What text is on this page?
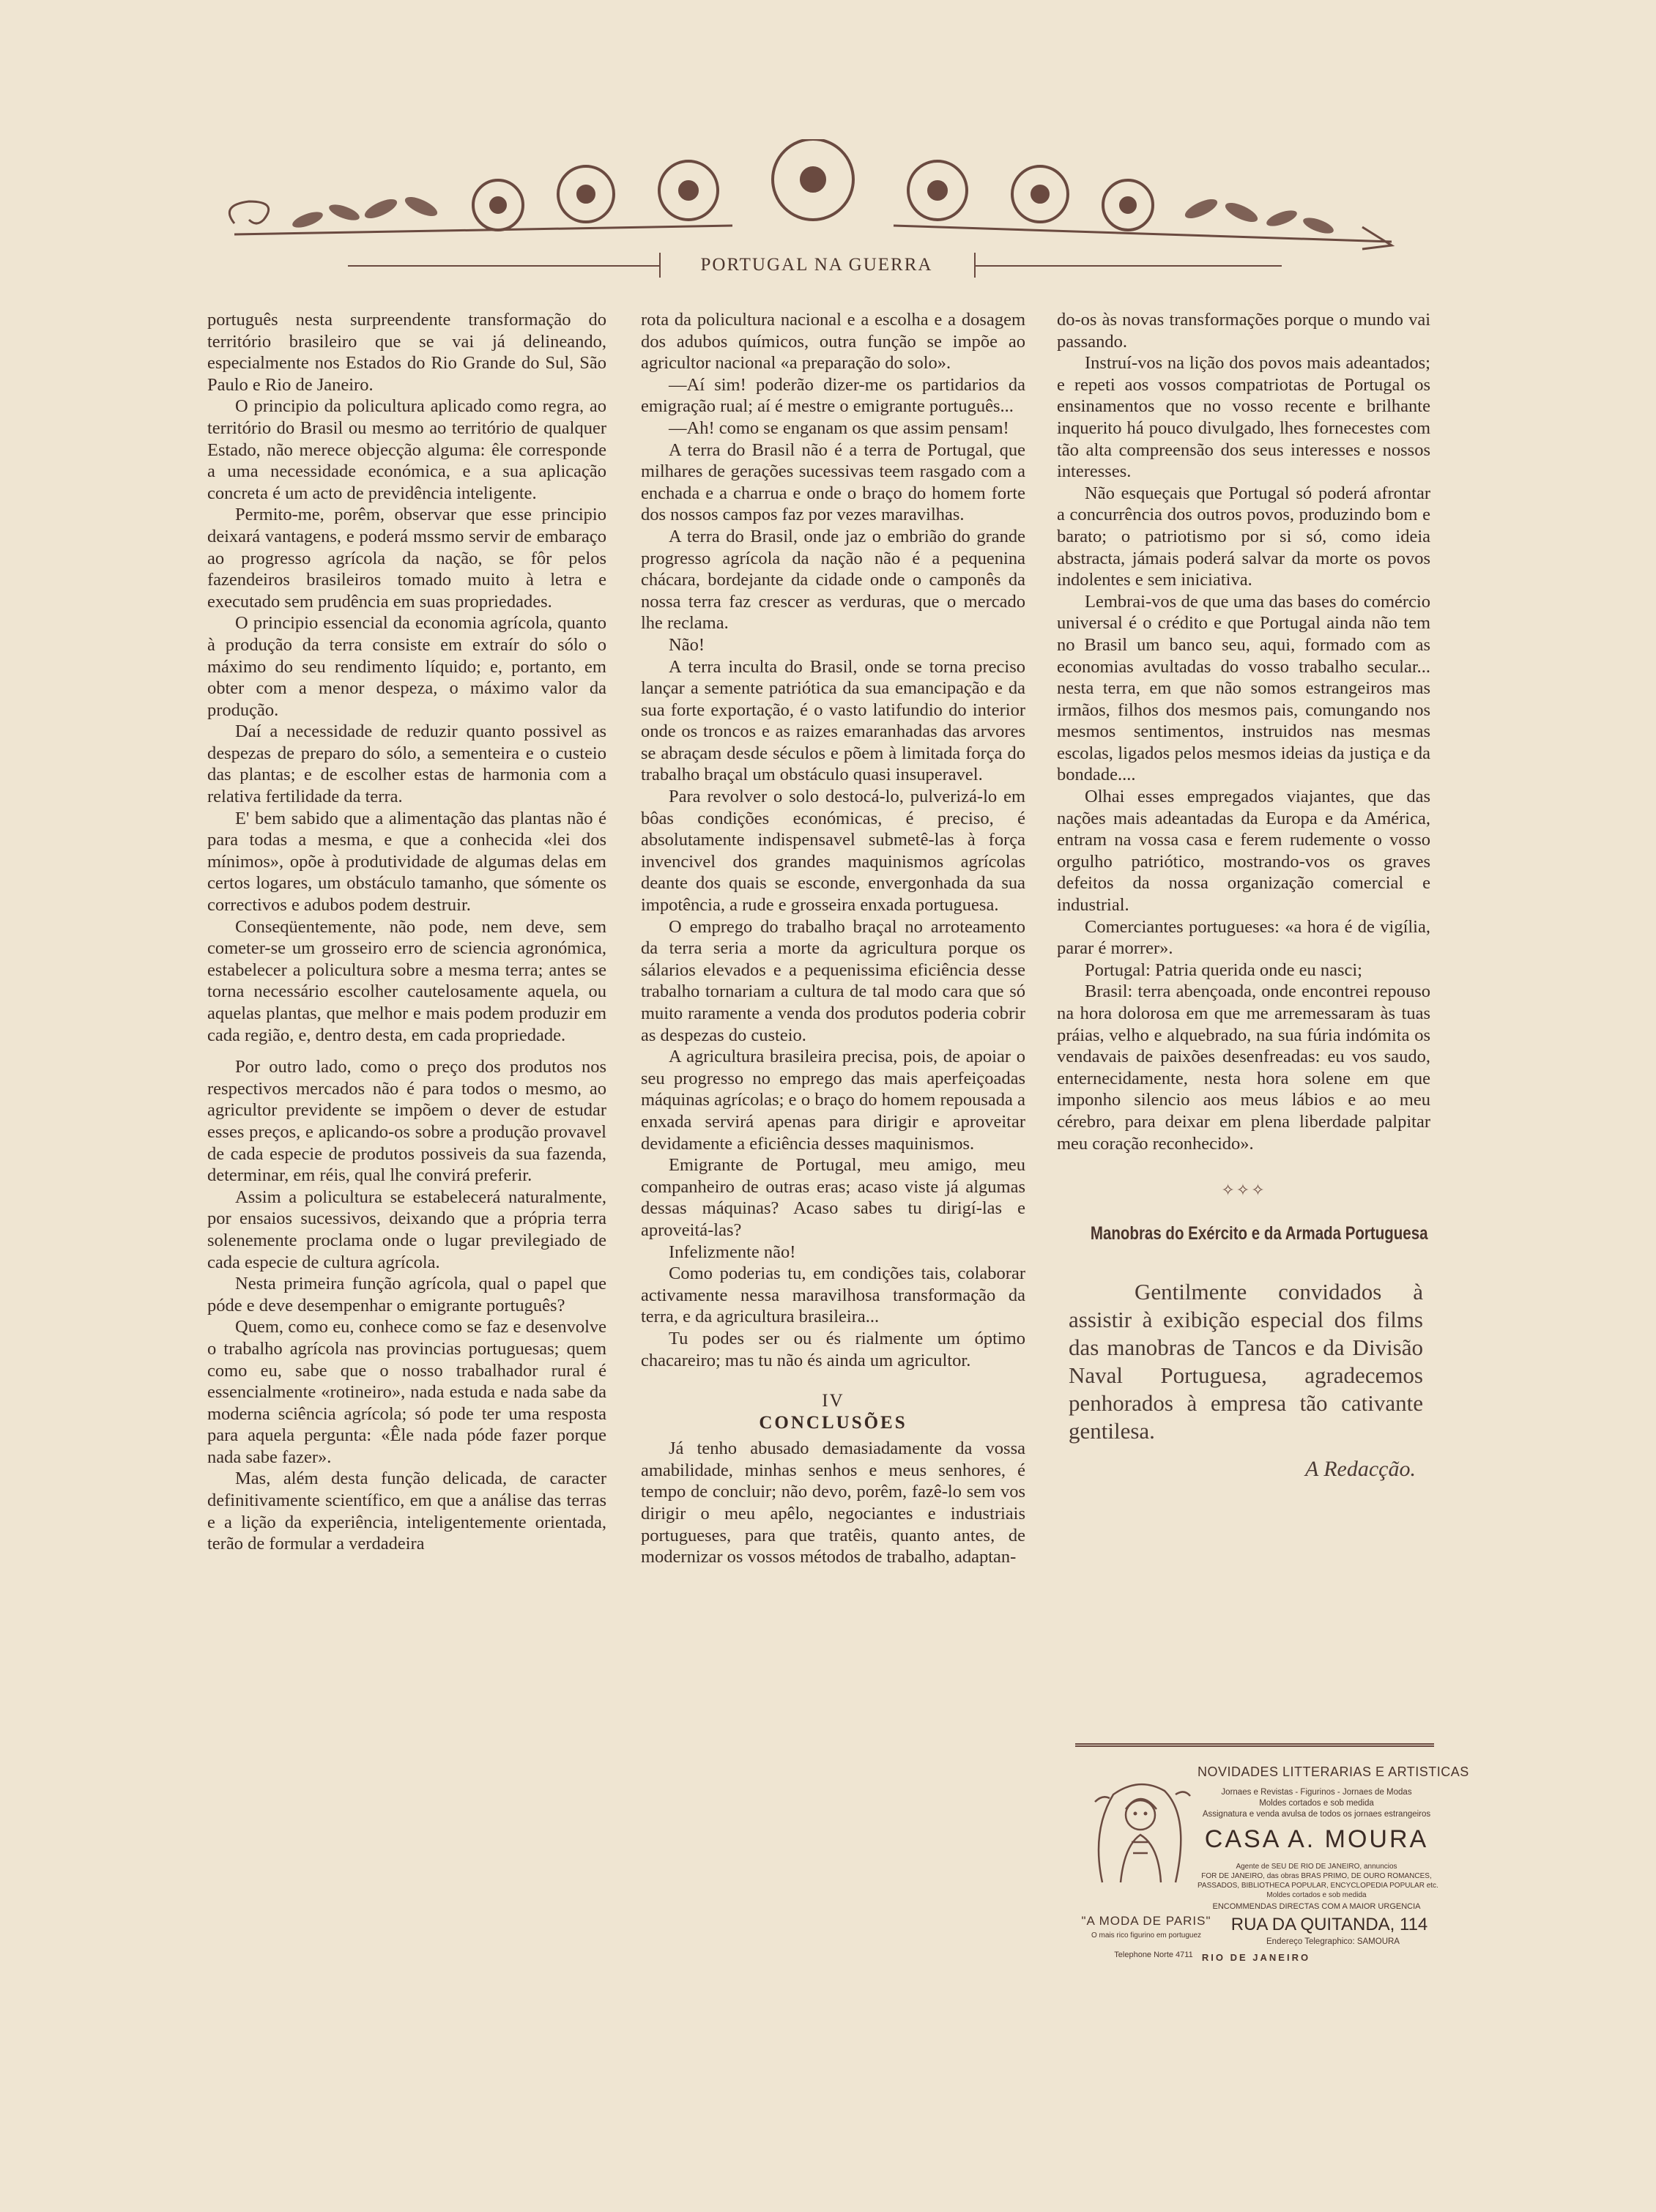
PORTUGAL NA GUERRA

português nesta surpreendente transformação do território brasileiro que se vai já delineando, especialmente nos Estados do Rio Grande do Sul, São Paulo e Rio de Janeiro.

O principio da policultura aplicado como regra, ao território do Brasil ou mesmo ao território de qualquer Estado, não merece objecção alguma: êle corresponde a uma necessidade económica, e a sua aplicação concreta é um acto de previdência inteligente.

Permito-me, porêm, observar que esse principio deixará vantagens, e poderá mssmo servir de embaraço ao progresso agrícola da nação, se fôr pelos fazendeiros brasileiros tomado muito à letra e executado sem prudência em suas propriedades.

O principio essencial da economia agrícola, quanto à produção da terra consiste em extraír do sólo o máximo do seu rendimento líquido; e, portanto, em obter com a menor despeza, o máximo valor da produção.

Daí a necessidade de reduzir quanto possivel as despezas de preparo do sólo, a sementeira e o custeio das plantas; e de escolher estas de harmonia com a relativa fertilidade da terra.

E' bem sabido que a alimentação das plantas não é para todas a mesma, e que a conhecida «lei dos mínimos», opõe à produtividade de algumas delas em certos logares, um obstáculo tamanho, que sómente os correctivos e adubos podem destruir.

Conseqüentemente, não pode, nem deve, sem cometer-se um grosseiro erro de sciencia agronómica, estabelecer a policultura sobre a mesma terra; antes se torna necessário escolher cautelosamente aquela, ou aquelas plantas, que melhor e mais podem produzir em cada região, e, dentro desta, em cada propriedade.

Por outro lado, como o preço dos produtos nos respectivos mercados não é para todos o mesmo, ao agricultor previdente se impõem o dever de estudar esses preços, e aplicando-os sobre a produção provavel de cada especie de produtos possiveis da sua fazenda, determinar, em réis, qual lhe convirá preferir.

Assim a policultura se estabelecerá naturalmente, por ensaios sucessivos, deixando que a própria terra solenemente proclama onde o lugar previlegiado de cada especie de cultura agrícola.

Nesta primeira função agrícola, qual o papel que póde e deve desempenhar o emigrante português?

Quem, como eu, conhece como se faz e desenvolve o trabalho agrícola nas provincias portuguesas; quem como eu, sabe que o nosso trabalhador rural é essencialmente «rotineiro», nada estuda e nada sabe da moderna sciência agrícola; só pode ter uma resposta para aquela pergunta: «Êle nada póde fazer porque nada sabe fazer».

Mas, além desta função delicada, de caracter definitivamente scientífico, em que a análise das terras e a lição da experiência, inteligentemente orientada, terão de formular a verdadeira

rota da policultura nacional e a escolha e a dosagem dos adubos químicos, outra função se impõe ao agricultor nacional «a preparação do solo».

—Aí sim! poderão dizer-me os partidarios da emigração rual; aí é mestre o emigrante português...

—Ah! como se enganam os que assim pensam!

A terra do Brasil não é a terra de Portugal, que milhares de gerações sucessivas teem rasgado com a enchada e a charrua e onde o braço do homem forte dos nossos campos faz por vezes maravilhas.

A terra do Brasil, onde jaz o embrião do grande progresso agrícola da nação não é a pequenina chácara, bordejante da cidade onde o camponês da nossa terra faz crescer as verduras, que o mercado lhe reclama.

Não!

A terra inculta do Brasil, onde se torna preciso lançar a semente patriótica da sua emancipação e da sua forte exportação, é o vasto latifundio do interior onde os troncos e as raizes emaranhadas das arvores se abraçam desde séculos e põem à limitada força do trabalho braçal um obstáculo quasi insuperavel.

Para revolver o solo destocá-lo, pulverizá-lo em bôas condições económicas, é preciso, é absolutamente indispensavel submetê-las à força invencivel dos grandes maquinismos agrícolas deante dos quais se esconde, envergonhada da sua impotência, a rude e grosseira enxada portuguesa.

O emprego do trabalho braçal no arroteamento da terra seria a morte da agricultura porque os sálarios elevados e a pequenissima eficiência desse trabalho tornariam a cultura de tal modo cara que só muito raramente a venda dos produtos poderia cobrir as despezas do custeio.

A agricultura brasileira precisa, pois, de apoiar o seu progresso no emprego das mais aperfeiçoadas máquinas agrícolas; e o braço do homem repousada a enxada servirá apenas para dirigir e aproveitar devidamente a eficiência desses maquinismos.

Emigrante de Portugal, meu amigo, meu companheiro de outras eras; acaso viste já algumas dessas máquinas? Acaso sabes tu dirigí-las e aproveitá-las?

Infelizmente não!

Como poderias tu, em condições tais, colaborar activamente nessa maravilhosa transformação da terra, e da agricultura brasileira...

Tu podes ser ou és rialmente um óptimo chacareiro; mas tu não és ainda um agricultor.

IV
CONCLUSÕES

Já tenho abusado demasiadamente da vossa amabilidade, minhas senhos e meus senhores, é tempo de concluir; não devo, porêm, fazê-lo sem vos dirigir o meu apêlo, negociantes e industriais portugueses, para que tratêis, quanto antes, de modernizar os vossos métodos de trabalho, adaptan-

do-os às novas transformações porque o mundo vai passando.

Instruí-vos na lição dos povos mais adeantados; e repeti aos vossos compatriotas de Portugal os ensinamentos que no vosso recente e brilhante inquerito há pouco divulgado, lhes fornecestes com tão alta compreensão dos seus interesses e nossos interesses.

Não esqueçais que Portugal só poderá afrontar a concurrência dos outros povos, produzindo bom e barato; o patriotismo por si só, como ideia abstracta, jámais poderá salvar da morte os povos indolentes e sem iniciativa.

Lembrai-vos de que uma das bases do comércio universal é o crédito e que Portugal ainda não tem no Brasil um banco seu, aqui, formado com as economias avultadas do vosso trabalho secular... nesta terra, em que não somos estrangeiros mas irmãos, filhos dos mesmos pais, comungando nos mesmos sentimentos, instruidos nas mesmas escolas, ligados pelos mesmos ideias da justiça e da bondade....

Olhai esses empregados viajantes, que das nações mais adeantadas da Europa e da América, entram na vossa casa e ferem rudemente o vosso orgulho patriótico, mostrando-vos os graves defeitos da nossa organização comercial e industrial.

Comerciantes portugueses: «a hora é de vigília, parar é morrer».

Portugal: Patria querida onde eu nasci;

Brasil: terra abençoada, onde encontrei repouso na hora dolorosa em que me arremessaram às tuas práias, velho e alquebrado, na sua fúria indómita os vendavais de paixões desenfreadas: eu vos saudo, enternecidamente, nesta hora solene em que imponho silencio aos meus lábios e ao meu cérebro, para deixar em plena liberdade palpitar meu coração reconhecido».

✧✧✧
Manobras do Exército e da Armada Portuguesa
Gentilmente convidados à assistir à exibição especial dos films das manobras de Tancos e da Divisão Naval Portuguesa, agradecemos penhorados à empresa tão cativante gentilesa.
A Redacção.
NOVIDADES LITTERARIAS E ARTISTICAS
Jornaes e Revistas - Figurinos - Jornaes de Modas
Moldes cortados e sob medida
Assignatura e venda avulsa de todos os jornaes estrangeiros
CASA A. MOURA
Agente de SEU DE RIO DE JANEIRO, annuncios
FOR DE JANEIRO, das obras BRAS PRIMO, DE OURO ROMANCES,
PASSADOS, BIBLIOTHECA POPULAR, ENCYCLOPEDIA POPULAR etc.
Moldes cortados e sob medida
ENCOMMENDAS DIRECTAS COM A MAIOR URGENCIA
"A MODA DE PARIS"
O mais rico figurino em portuguez
RUA DA QUITANDA, 114
Telephone Norte 4711
Endereço Telegraphico: SAMOURA
RIO DE JANEIRO
